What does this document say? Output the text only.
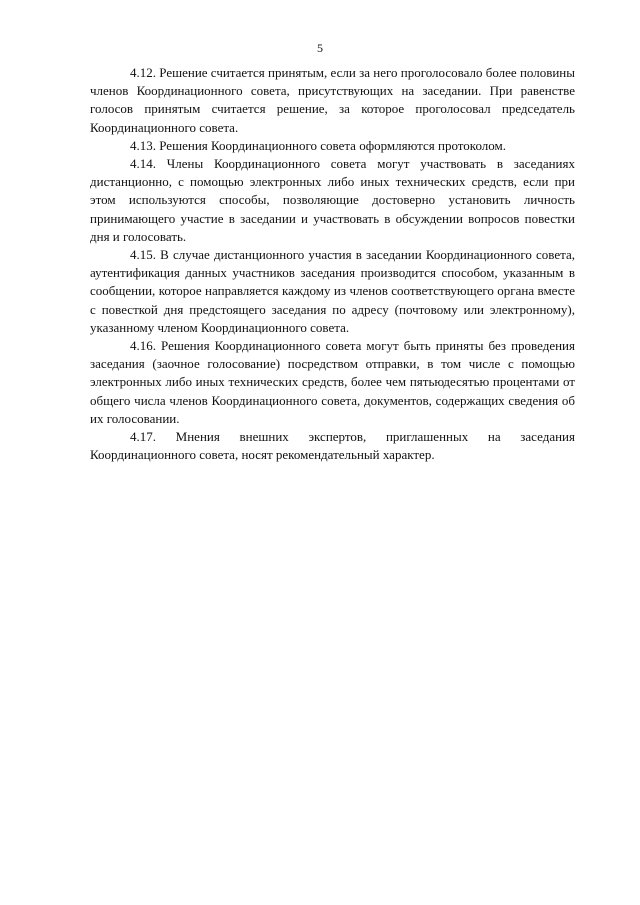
5

4.12. Решение считается принятым, если за него проголосовало более половины членов Координационного совета, присутствующих на заседании. При равенстве голосов принятым считается решение, за которое проголосовал председатель Координационного совета.

4.13. Решения Координационного совета оформляются протоколом.

4.14. Члены Координационного совета могут участвовать в заседаниях дистанционно, с помощью электронных либо иных технических средств, если при этом используются способы, позволяющие достоверно установить личность принимающего участие в заседании и участвовать в обсуждении вопросов повестки дня и голосовать.

4.15. В случае дистанционного участия в заседании Координационного совета, аутентификация данных участников заседания производится способом, указанным в сообщении, которое направляется каждому из членов соответствующего органа вместе с повесткой дня предстоящего заседания по адресу (почтовому или электронному), указанному членом Координационного совета.

4.16. Решения Координационного совета могут быть приняты без проведения заседания (заочное голосование) посредством отправки, в том числе с помощью электронных либо иных технических средств, более чем пятьюдесятью процентами от общего числа членов Координационного совета, документов, содержащих сведения об их голосовании.

4.17. Мнения внешних экспертов, приглашенных на заседания Координационного совета, носят рекомендательный характер.
